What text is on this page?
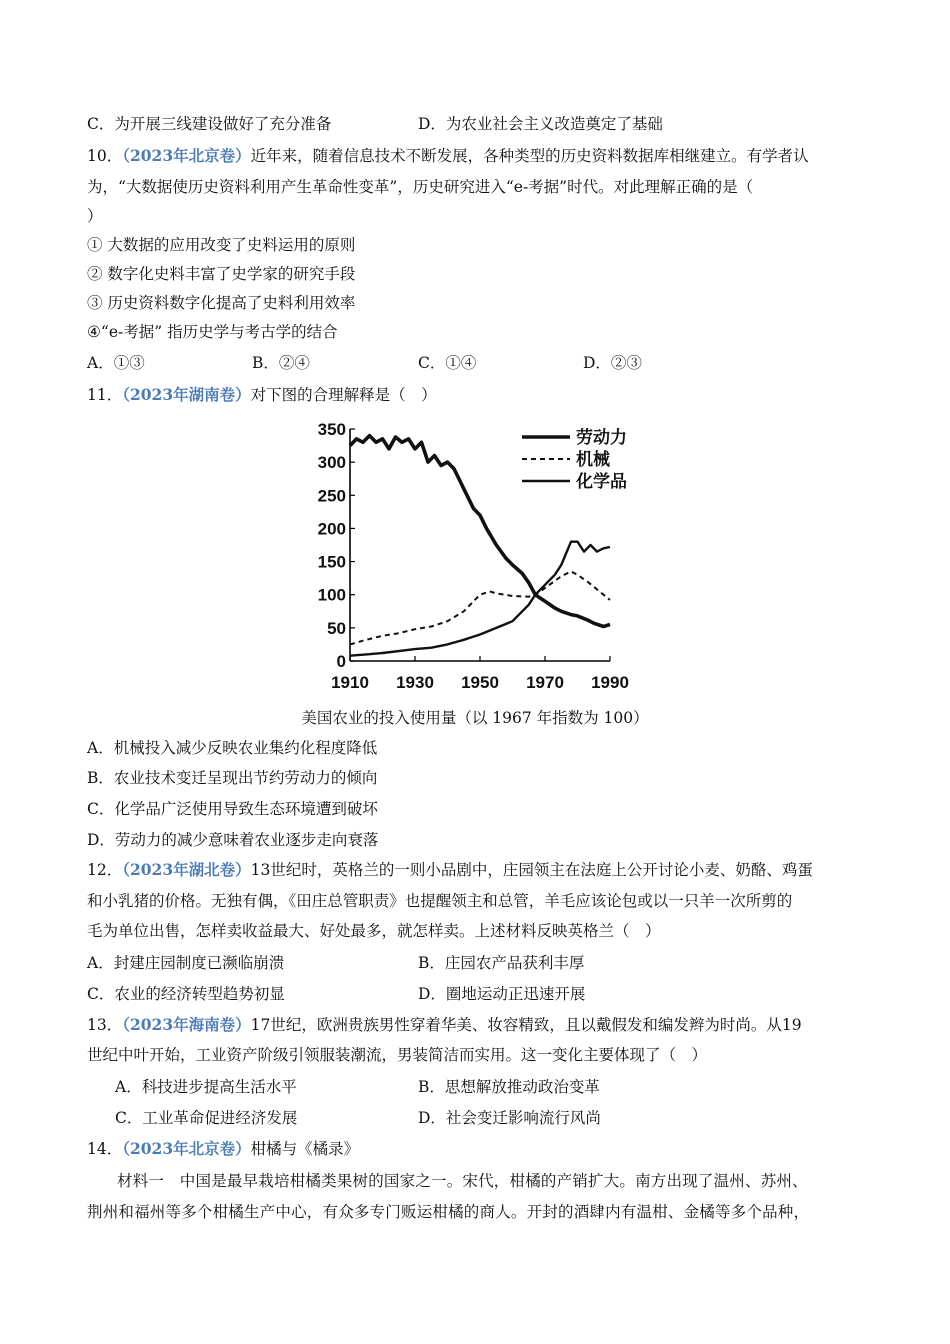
C．为开展三线建设做好了充分准备	D．为农业社会主义改造奠定了基础
10．（2023年北京卷）近年来，随着信息技术不断发展，各种类型的历史资料数据库相继建立。有学者认
为，“大数据使历史资料利用产生革命性变革”，历史研究进入“e-考据”时代。对此理解正确的是（
）
① 大数据的应用改变了史料运用的原则
② 数字化史料丰富了史学家的研究手段
③ 历史资料数字化提高了史料利用效率
④“e-考据” 指历史学与考古学的结合
A．①③	B．②④	C．①④	D．②③
11．（2023年湖南卷）对下图的合理解释是（　）
0
50
100
150
200
250
300
350
1910 1930 1950 1970 1990
劳动力
机械
化学品
美国农业的投入使用量（以 1967 年指数为 100）
A．机械投入减少反映农业集约化程度降低
B．农业技术变迁呈现出节约劳动力的倾向
C．化学品广泛使用导致生态环境遭到破坏
D．劳动力的减少意味着农业逐步走向衰落
12．（2023年湖北卷）13世纪时，英格兰的一则小品剧中，庄园领主在法庭上公开讨论小麦、奶酪、鸡蛋
和小乳猪的价格。无独有偶，《田庄总管职责》也提醒领主和总管，羊毛应该论包或以一只羊一次所剪的
毛为单位出售，怎样卖收益最大、好处最多，就怎样卖。上述材料反映英格兰（　）
A．封建庄园制度已濒临崩溃	B．庄园农产品获利丰厚
C．农业的经济转型趋势初显	D．圈地运动正迅速开展
13．（2023年海南卷）17世纪，欧洲贵族男性穿着华美、妆容精致，且以戴假发和编发辫为时尚。从19
世纪中叶开始，工业资产阶级引领服装潮流，男装简洁而实用。这一变化主要体现了（　）
A．科技进步提高生活水平	B．思想解放推动政治变革
C．工业革命促进经济发展	D．社会变迁影响流行风尚
14．（2023年北京卷）柑橘与《橘录》
材料一　中国是最早栽培柑橘类果树的国家之一。宋代，柑橘的产销扩大。南方出现了温州、苏州、
荆州和福州等多个柑橘生产中心，有众多专门贩运柑橘的商人。开封的酒肆内有温柑、金橘等多个品种，
